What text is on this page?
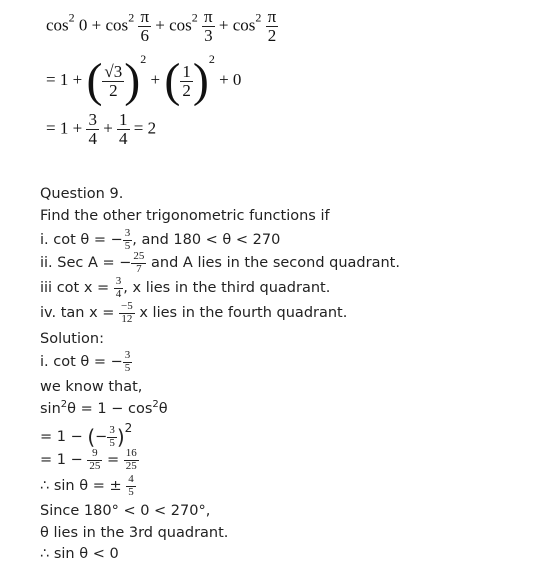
$\cos^2 0 + \cos^2 \frac{\pi}{6} + \cos^2 \frac{\pi}{3} + \cos^2 \frac{\pi}{2}$
= 1 + ( $\frac{√3}{2} )^2$ + ( $\frac{1}{2} )^2 + 0$
= $1 + \frac{3}{4} + \frac{1}{4} = 2$
Question 9.
Find the other trigonometric functions if
i. cot θ = − $\frac{3}{5}$ , and 180 < θ < 270
ii. Sec A = − $\frac{25}{7}$ and A lies in the second quadrant.
iii $\cot x = \frac{3}{4}$ , x lies in the third quadrant.
iv. $\tan x = \frac{-5}{12}$ x lies in the fourth quadrant.
Solution:
i. cot θ = − $\frac{3}{5}$
we know that,
$\sin^2\theta = 1 - \cos^2\theta$
= 1 − (− $\frac{3}{5} )^2$
= $1 - \frac{9}{25} = \frac{16}{25}$
∴ sin θ = ± $\frac{4}{5}$
Since 180° < 0 < 270°,
θ lies in the 3rd quadrant.
∴ sin θ < 0
